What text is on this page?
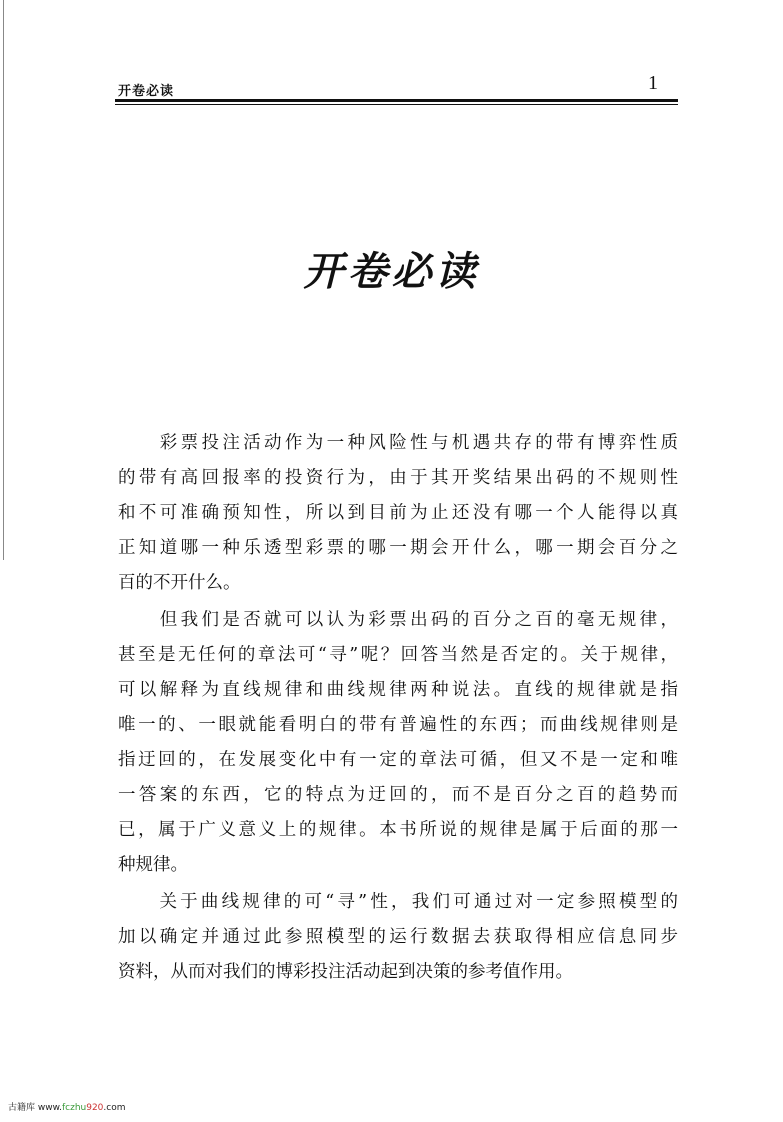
开卷必读	1
开卷必读
　　彩票投注活动作为一种风险性与机遇共存的带有博弈性质
的带有高回报率的投资行为，由于其开奖结果出码的不规则性
和不可准确预知性，所以到目前为止还没有哪一个人能得以真
正知道哪一种乐透型彩票的哪一期会开什么，哪一期会百分之
百的不开什么。
　　但我们是否就可以认为彩票出码的百分之百的毫无规律，
甚至是无任何的章法可“寻”呢？回答当然是否定的。关于规律，
可以解释为直线规律和曲线规律两种说法。直线的规律就是指
唯一的、一眼就能看明白的带有普遍性的东西；而曲线规律则是
指迂回的，在发展变化中有一定的章法可循，但又不是一定和唯
一答案的东西，它的特点为迂回的，而不是百分之百的趋势而
已，属于广义意义上的规律。本书所说的规律是属于后面的那一
种规律。
　　关于曲线规律的可“寻”性，我们可通过对一定参照模型的
加以确定并通过此参照模型的运行数据去获取得相应信息同步
资料，从而对我们的博彩投注活动起到决策的参考值作用。
古籍库 www.fczhu920.com
